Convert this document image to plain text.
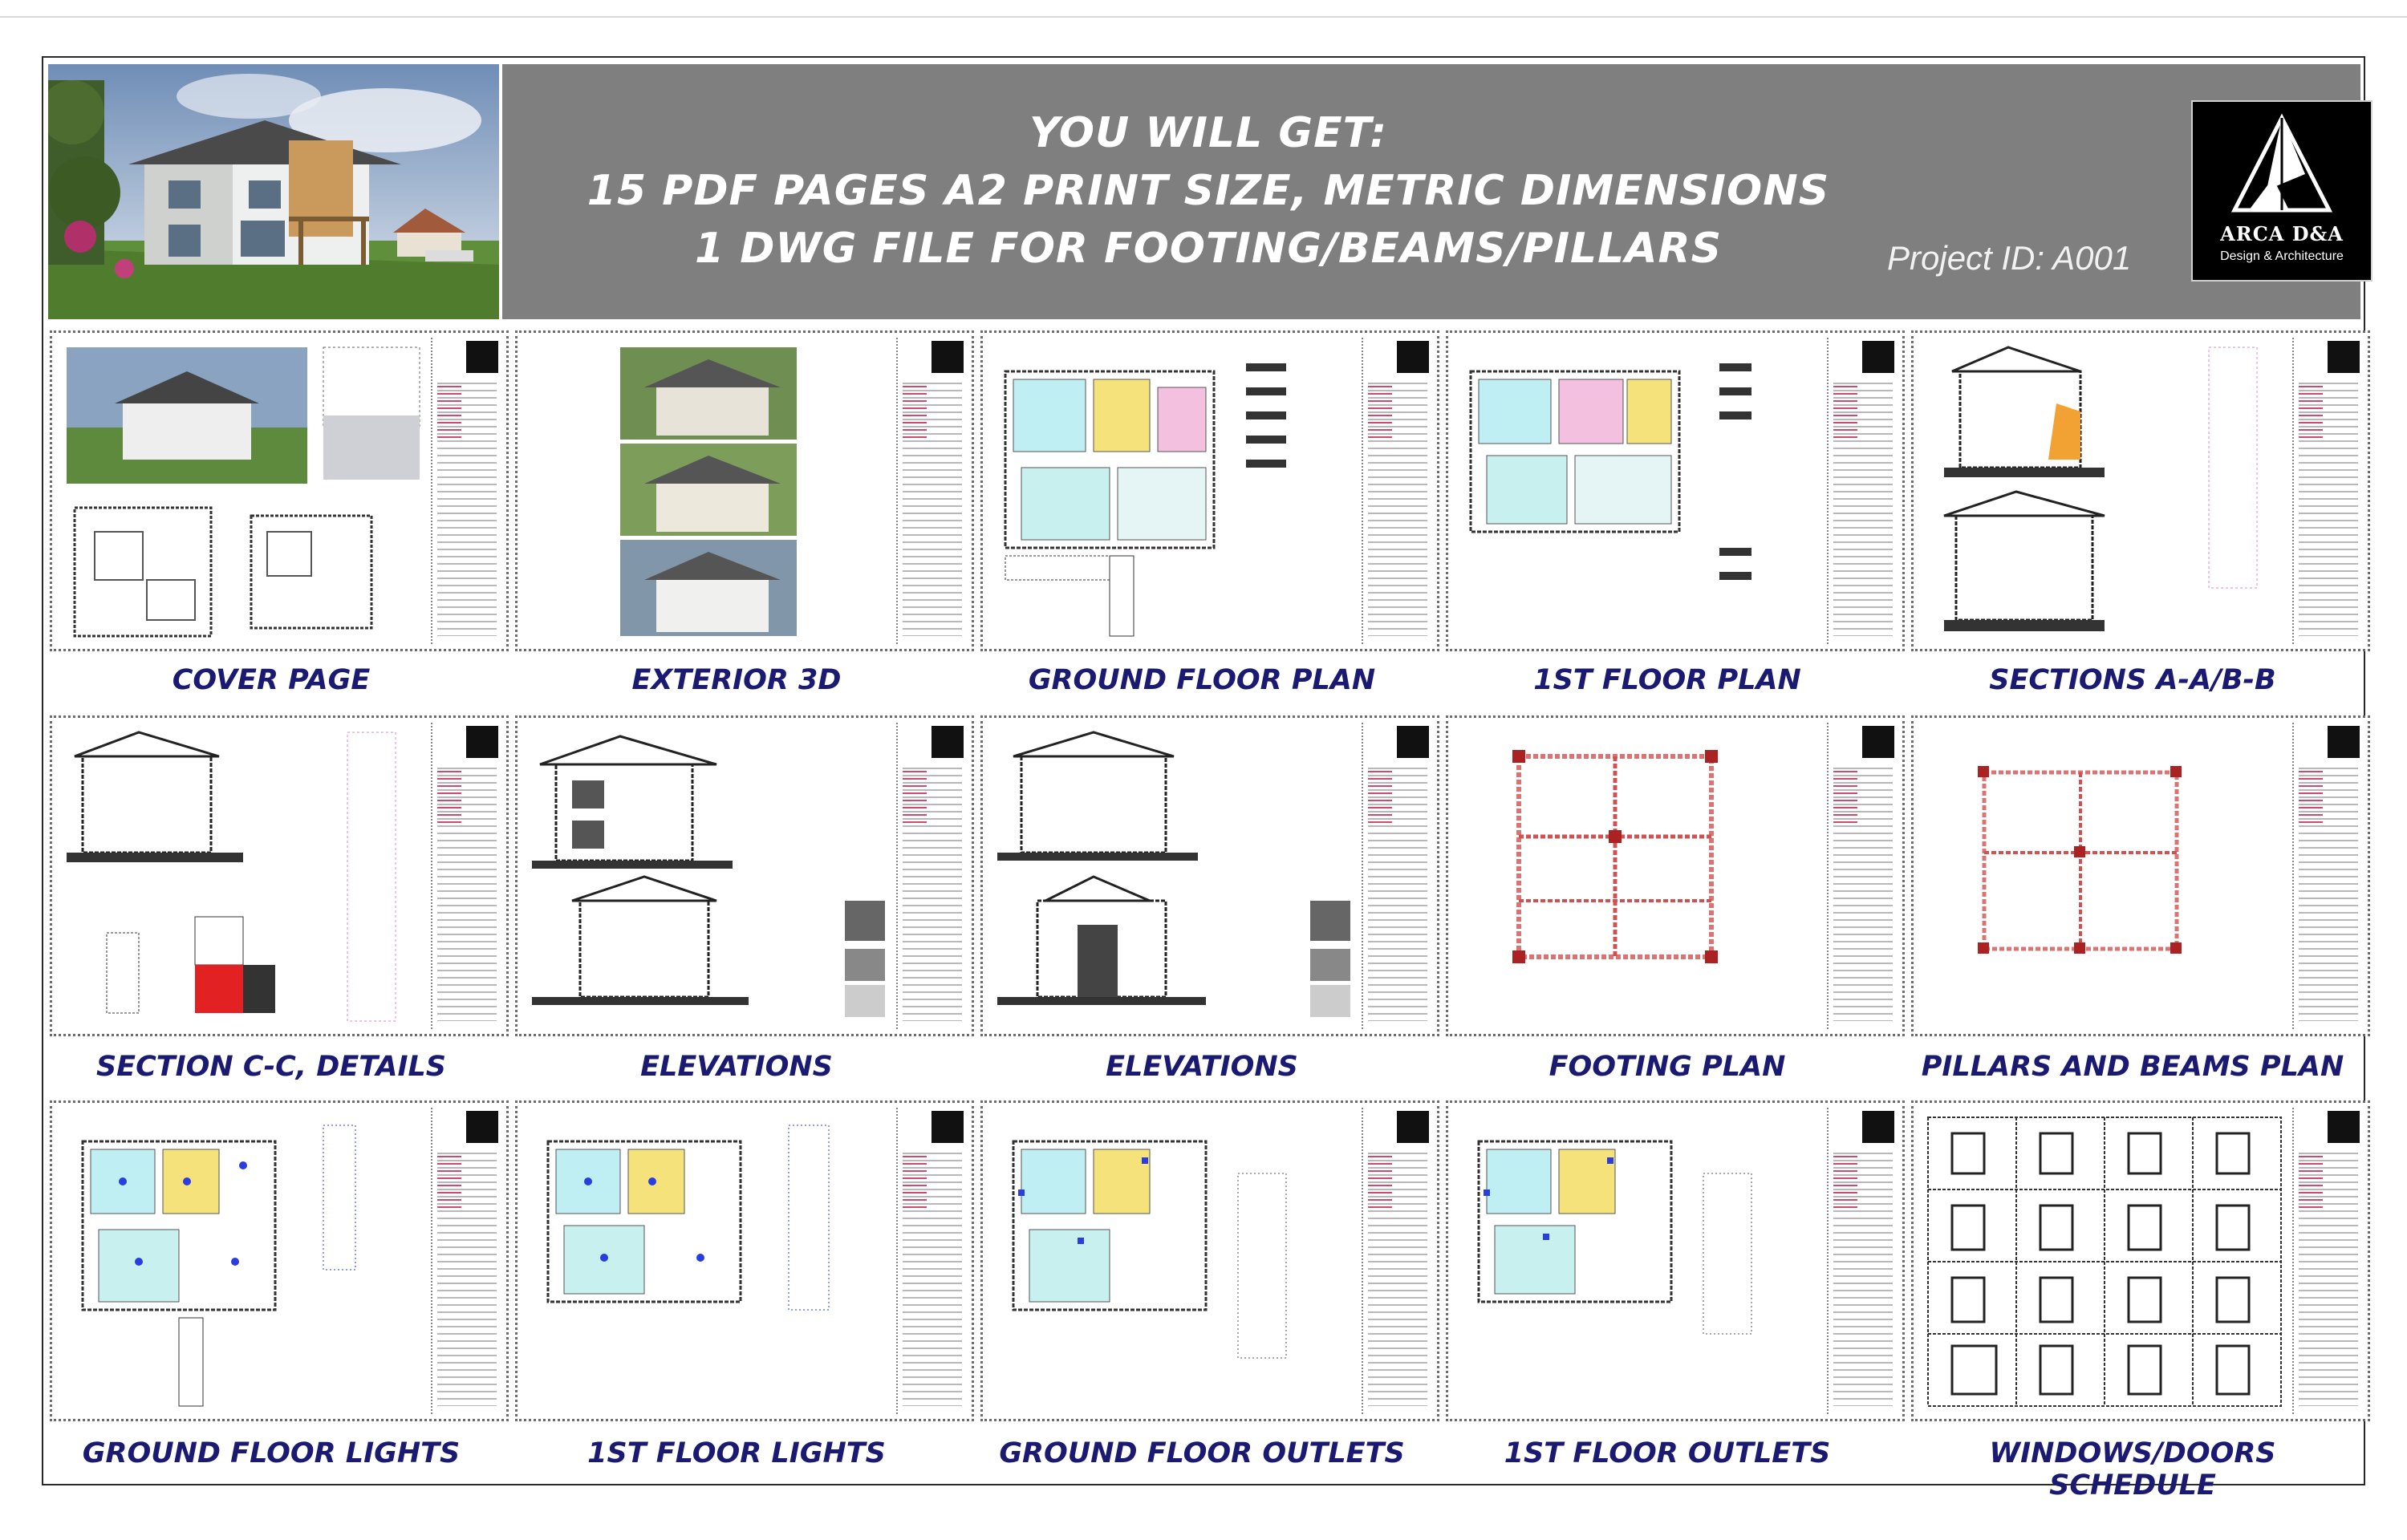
YOU WILL GET:
15 PDF PAGES A2 PRINT SIZE, METRIC DIMENSIONS
1 DWG FILE FOR FOOTING/BEAMS/PILLARS	Project ID: A001
ARCA D&A
Design & Architecture
COVER PAGE	EXTERIOR 3D	GROUND FLOOR PLAN	1ST FLOOR PLAN	SECTIONS A-A/B-B
SECTION C-C, DETAILS	ELEVATIONS	ELEVATIONS	FOOTING PLAN	PILLARS AND BEAMS PLAN
GROUND FLOOR LIGHTS	1ST FLOOR LIGHTS	GROUND FLOOR OUTLETS	1ST FLOOR OUTLETS	WINDOWS/DOORS SCHEDULE
